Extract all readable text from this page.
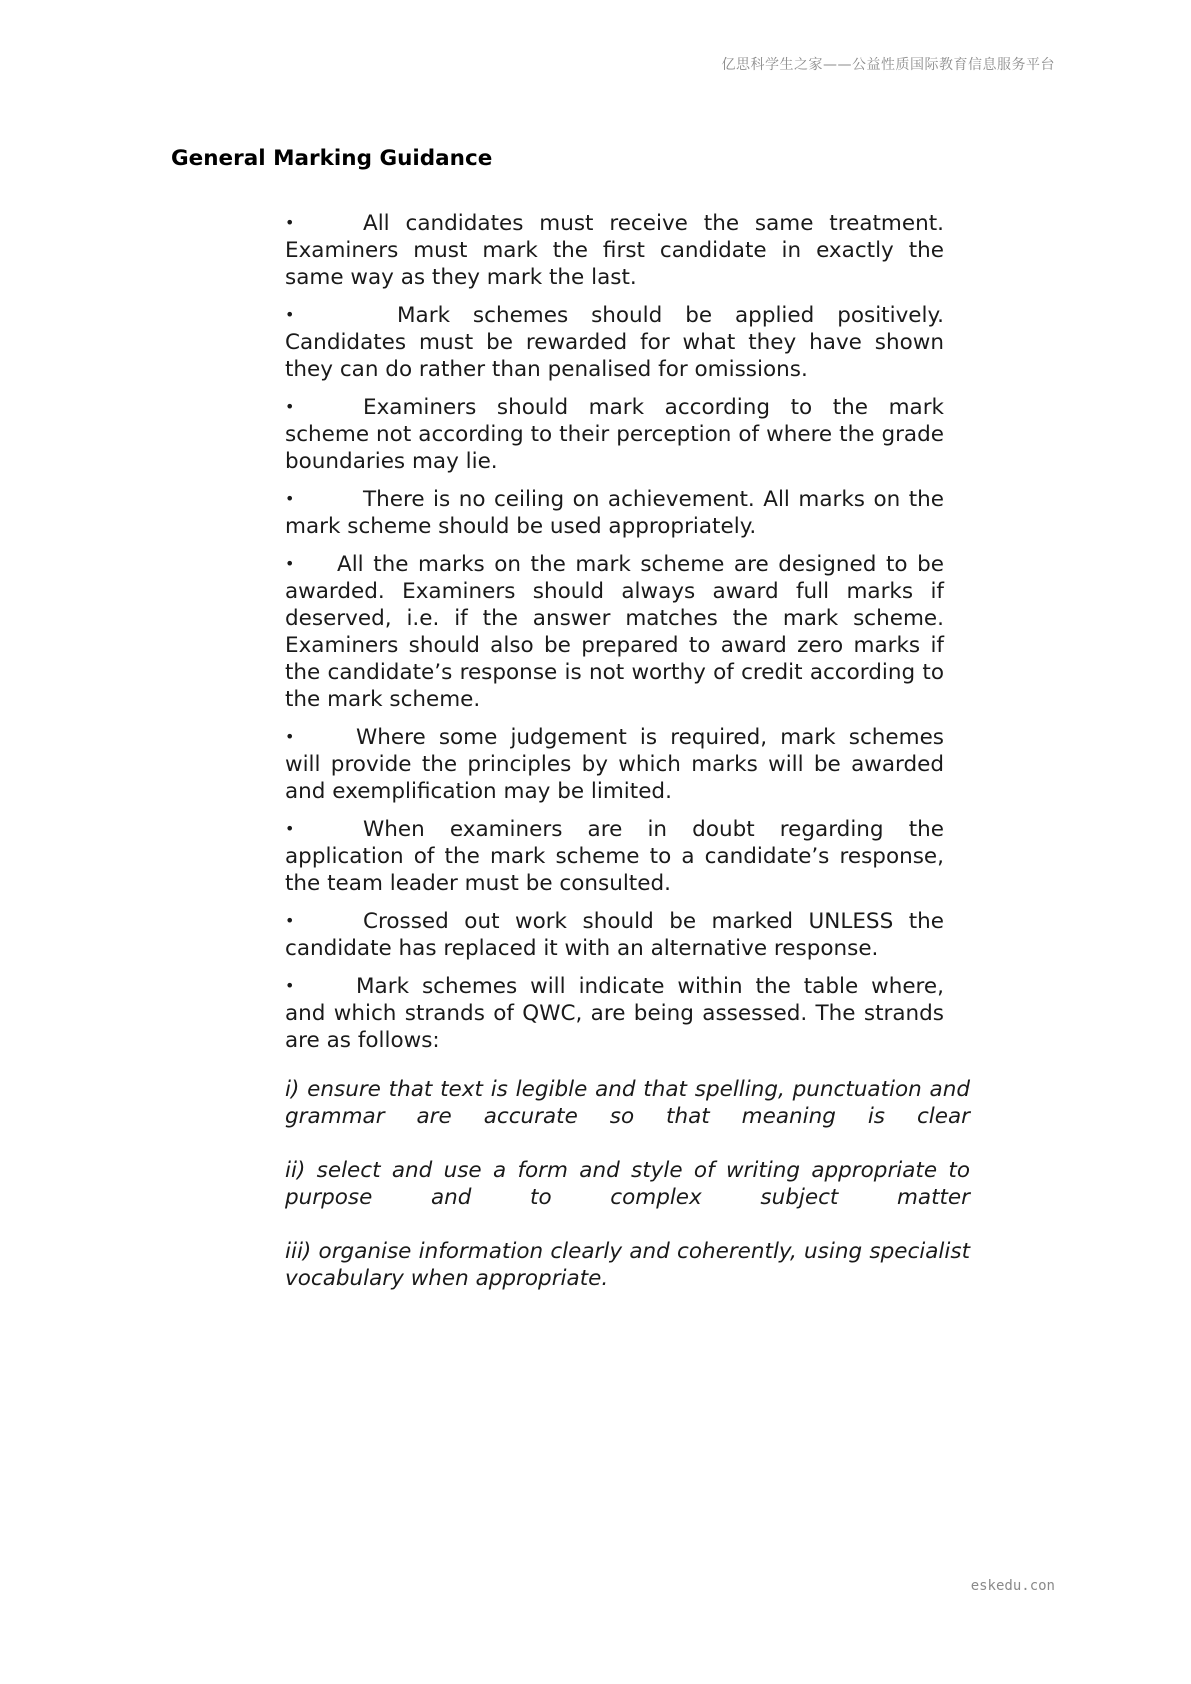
亿思科学生之家——公益性质国际教育信息服务平台
General Marking Guidance
•	All candidates must receive the same treatment. Examiners must mark the first candidate in exactly the same way as they mark the last.
•	Mark schemes should be applied positively. Candidates must be rewarded for what they have shown they can do rather than penalised for omissions.
•	Examiners should mark according to the mark scheme not according to their perception of where the grade boundaries may lie.
•	There is no ceiling on achievement. All marks on the mark scheme should be used appropriately.
• All the marks on the mark scheme are designed to be awarded. Examiners should always award full marks if deserved, i.e. if the answer matches the mark scheme. Examiners should also be prepared to award zero marks if the candidate’s response is not worthy of credit according to the mark scheme.
•	Where some judgement is required, mark schemes will provide the principles by which marks will be awarded and exemplification may be limited.
•	When examiners are in doubt regarding the application of the mark scheme to a candidate’s response, the team leader must be consulted.
•	Crossed out work should be marked UNLESS the candidate has replaced it with an alternative response.
•	Mark schemes will indicate within the table where, and which strands of QWC, are being assessed. The strands are as follows:

i) ensure that text is legible and that spelling, punctuation and grammar are accurate so that meaning is clear

ii) select and use a form and style of writing appropriate to purpose and to complex subject matter

iii) organise information clearly and coherently, using specialist vocabulary when appropriate.

eskedu.con
